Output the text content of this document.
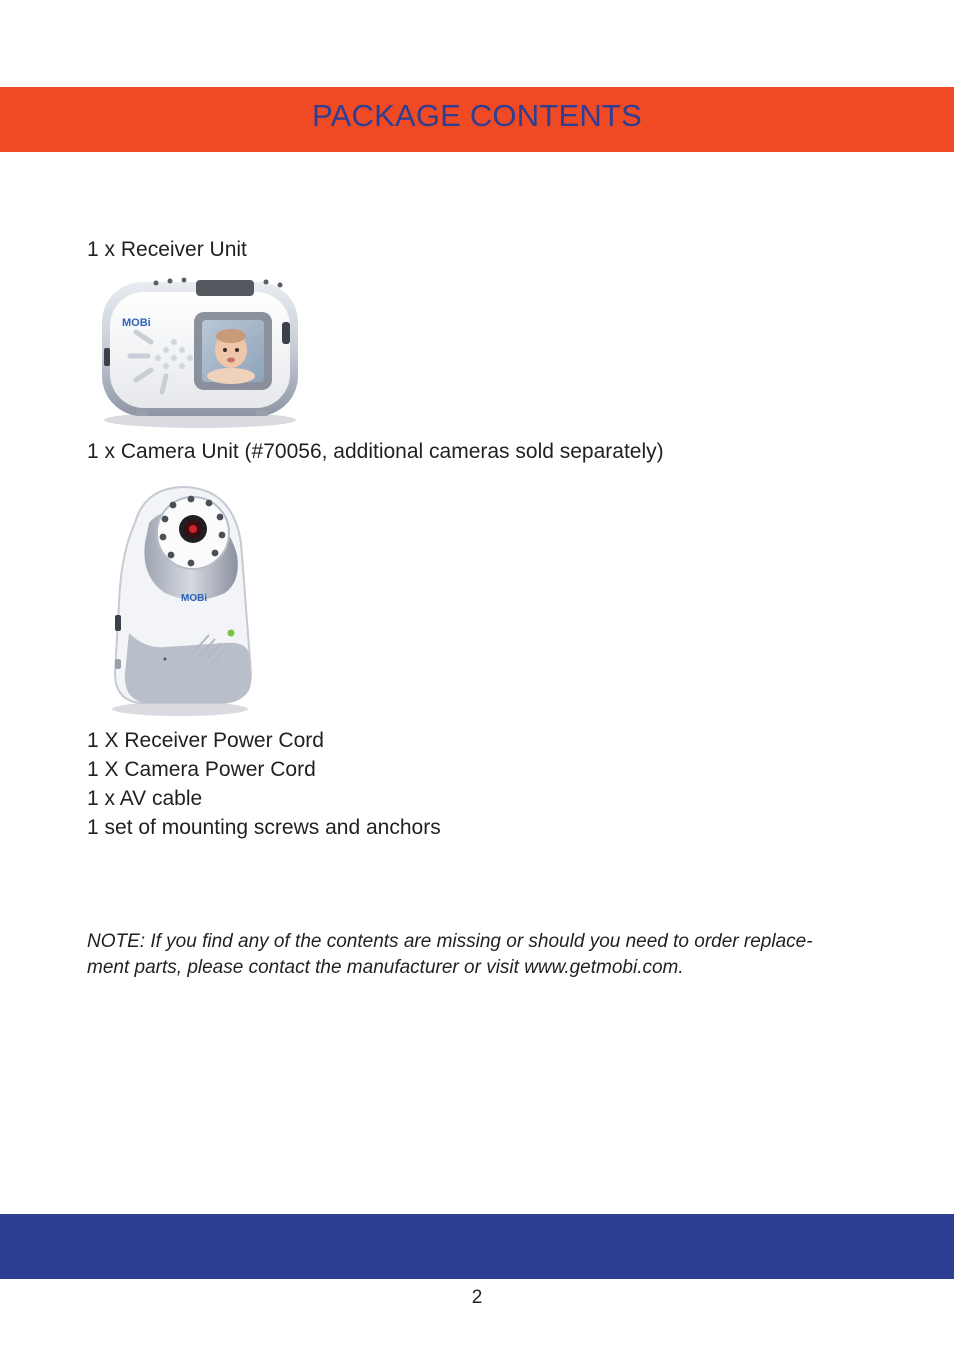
PACKAGE CONTENTS
1 x Receiver Unit
MOBi
1 x Camera Unit (#70056, additional cameras sold separately)
MOBi
1 X Receiver Power Cord
1 X Camera Power Cord
1 x AV cable
1 set of mounting screws and anchors
NOTE: If you find any of the contents are missing or should you need to order replace-
ment parts, please contact the manufacturer or visit www.getmobi.com.
2
